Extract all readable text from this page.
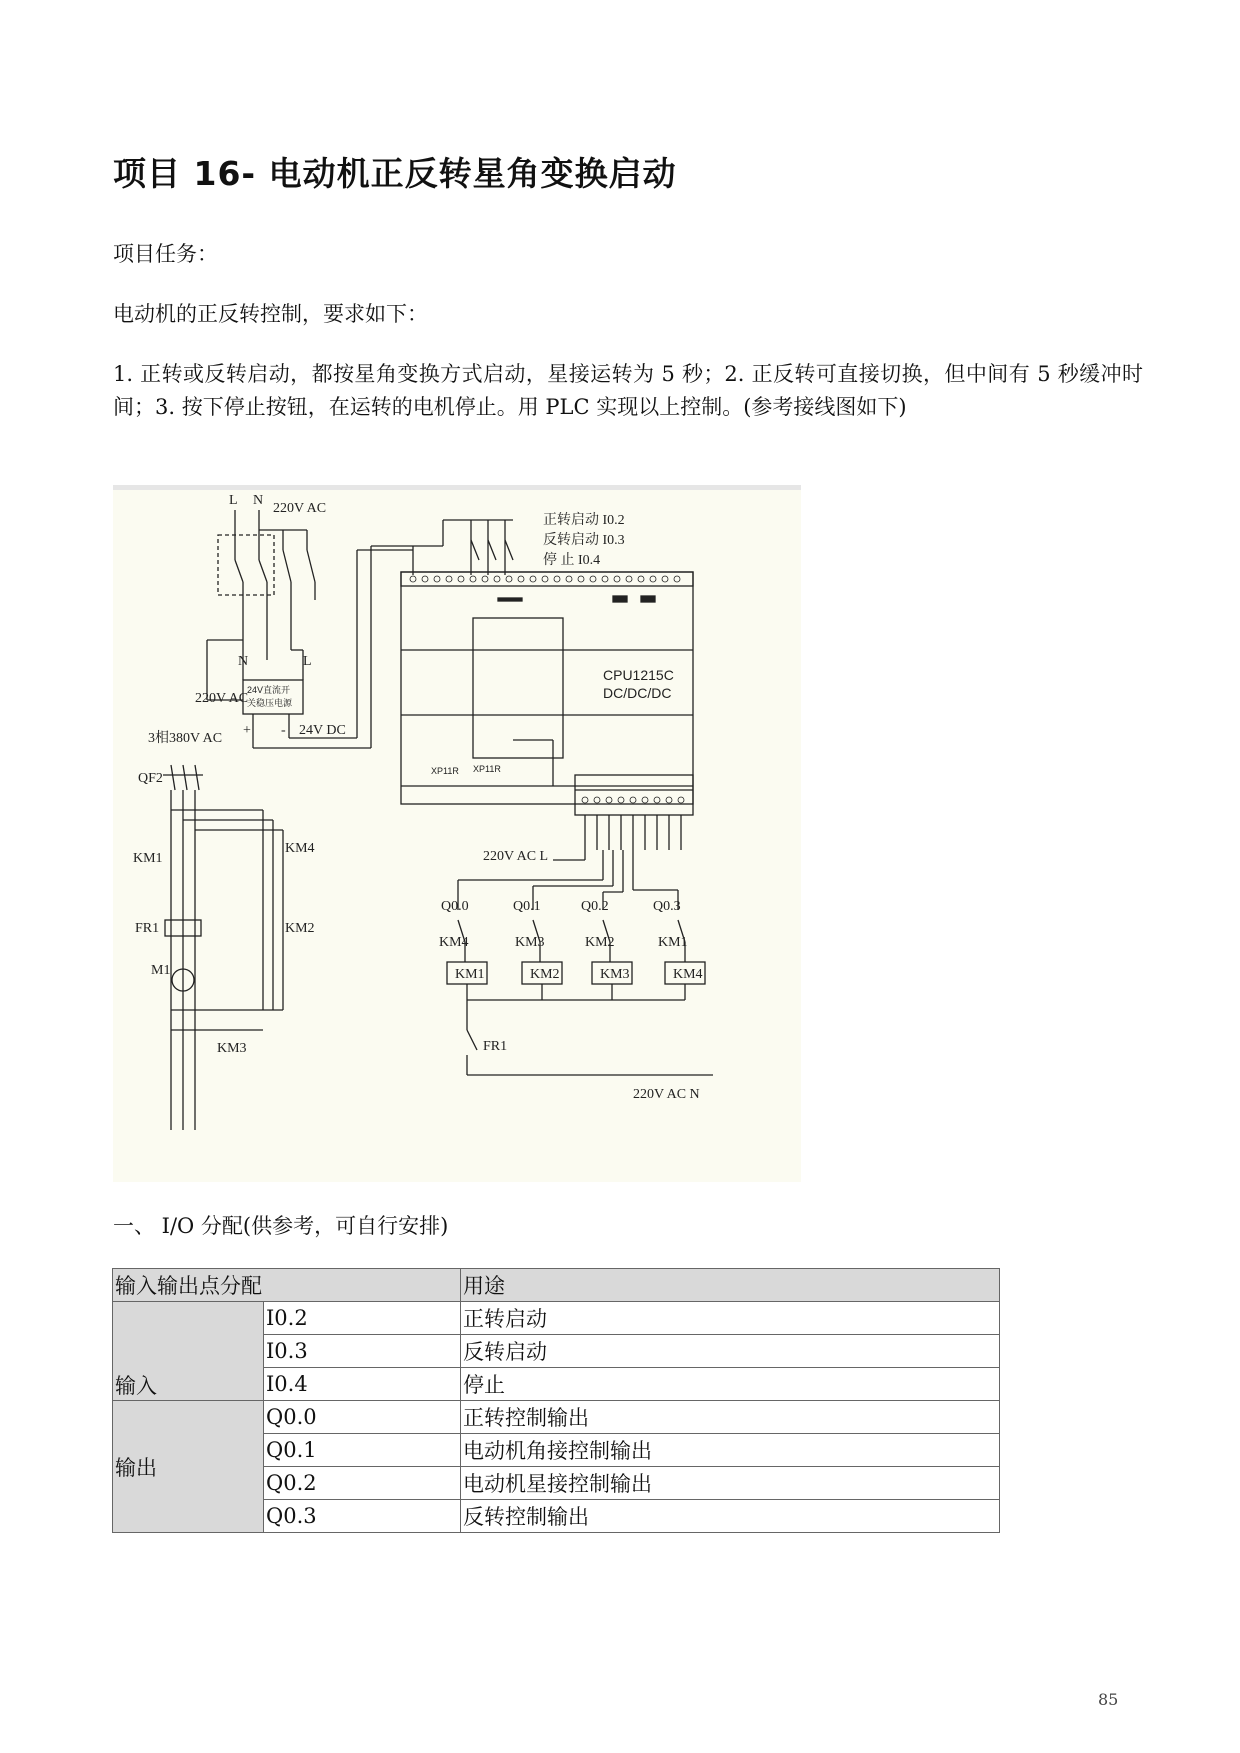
项目 16- 电动机正反转星角变换启动
项目任务：
电动机的正反转控制，要求如下：
1. 正转或反转启动，都按星角变换方式启动，星接运转为 5 秒；2. 正反转可直接切换，但中间有 5 秒缓冲时间；3. 按下停止按钮，在运转的电机停止。用 PLC 实现以上控制。(参考接线图如下)
L N
220V AC
N	L
220V AC
24V直流开
关稳压电源
+ - 24V DC
正转启动 I0.2
反转启动 I0.3
停 止 I0.4
CPU1215C
DC/DC/DC
XP11R XP11R
220V AC L
Q0.0	Q0.1	Q0.2	Q0.3
KM4	KM3	KM2	KM1
KM1	KM2	KM3	KM4
FR1
220V AC N
3相380V AC
QF2
KM1
KM4
KM2
KM3
FR1
M1
一、 I/O 分配(供参考，可自行安排)
输入输出点分配		用途
输入	I0.2	正转启动
	I0.3	反转启动
	I0.4	停止
输出	Q0.0	正转控制输出
	Q0.1	电动机角接控制输出
	Q0.2	电动机星接控制输出
	Q0.3	反转控制输出
85
